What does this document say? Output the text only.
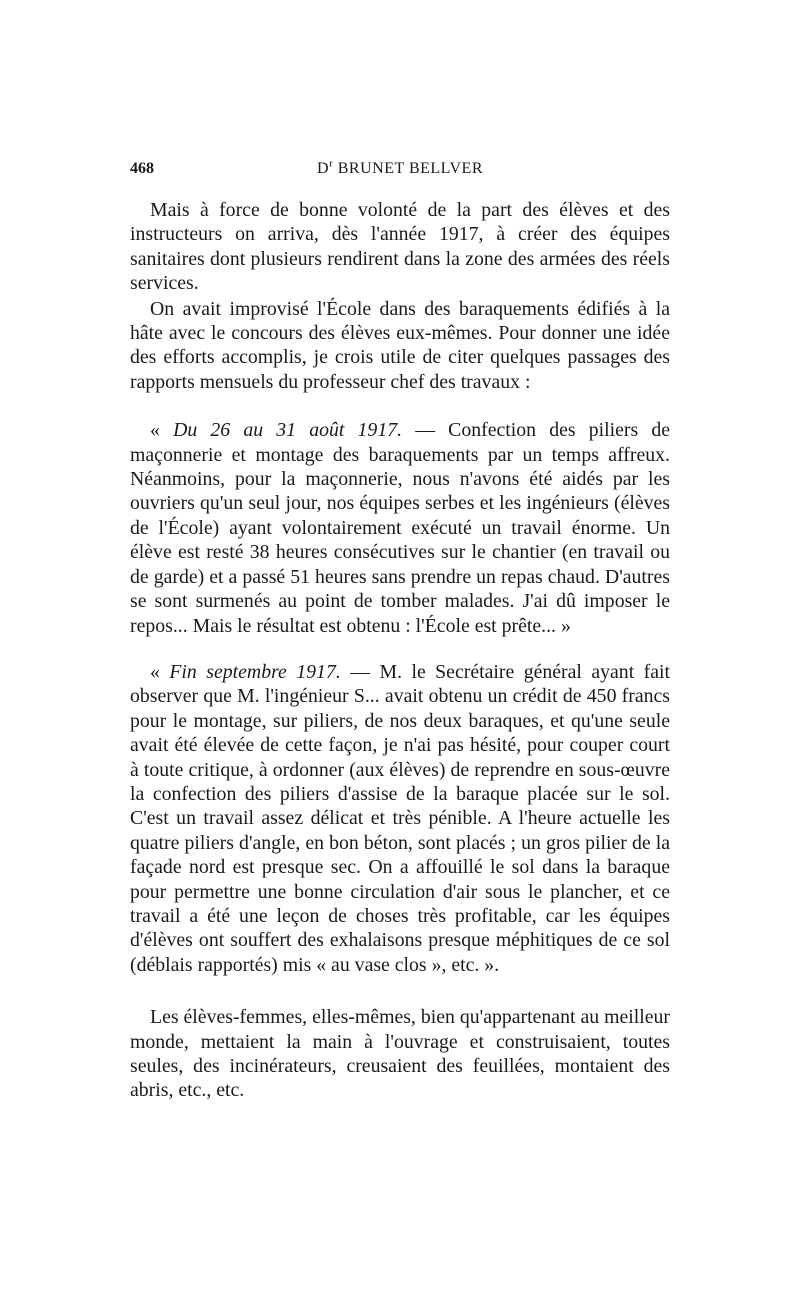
468	$D^r$ BRUNET BELLVER

Mais à force de bonne volonté de la part des élèves et des instructeurs on arriva, dès l'année 1917, à créer des équipes sanitaires dont plusieurs rendirent dans la zone des armées des réels services.

On avait improvisé l'École dans des baraquements édifiés à la hâte avec le concours des élèves eux-mêmes. Pour donner une idée des efforts accomplis, je crois utile de citer quelques passages des rapports mensuels du professeur chef des travaux :

« Du 26 au 31 août 1917. — Confection des piliers de maçonnerie et montage des baraquements par un temps affreux. Néanmoins, pour la maçonnerie, nous n'avons été aidés par les ouvriers qu'un seul jour, nos équipes serbes et les ingénieurs (élèves de l'École) ayant volontairement exécuté un travail énorme. Un élève est resté 38 heures consécutives sur le chantier (en travail ou de garde) et a passé 51 heures sans prendre un repas chaud. D'autres se sont surmenés au point de tomber malades. J'ai dû imposer le repos... Mais le résultat est obtenu : l'École est prête... »

« Fin septembre 1917. — M. le Secrétaire général ayant fait observer que M. l'ingénieur S... avait obtenu un crédit de 450 francs pour le montage, sur piliers, de nos deux baraques, et qu'une seule avait été élevée de cette façon, je n'ai pas hésité, pour couper court à toute critique, à ordonner (aux élèves) de reprendre en sous-œuvre la confection des piliers d'assise de la baraque placée sur le sol. C'est un travail assez délicat et très pénible. A l'heure actuelle les quatre piliers d'angle, en bon béton, sont placés ; un gros pilier de la façade nord est presque sec. On a affouillé le sol dans la baraque pour permettre une bonne circulation d'air sous le plancher, et ce travail a été une leçon de choses très profitable, car les équipes d'élèves ont souffert des exhalaisons presque méphitiques de ce sol (déblais rapportés) mis « au vase clos », etc. ».

Les élèves-femmes, elles-mêmes, bien qu'appartenant au meilleur monde, mettaient la main à l'ouvrage et construisaient, toutes seules, des incinérateurs, creusaient des feuillées, montaient des abris, etc., etc.
